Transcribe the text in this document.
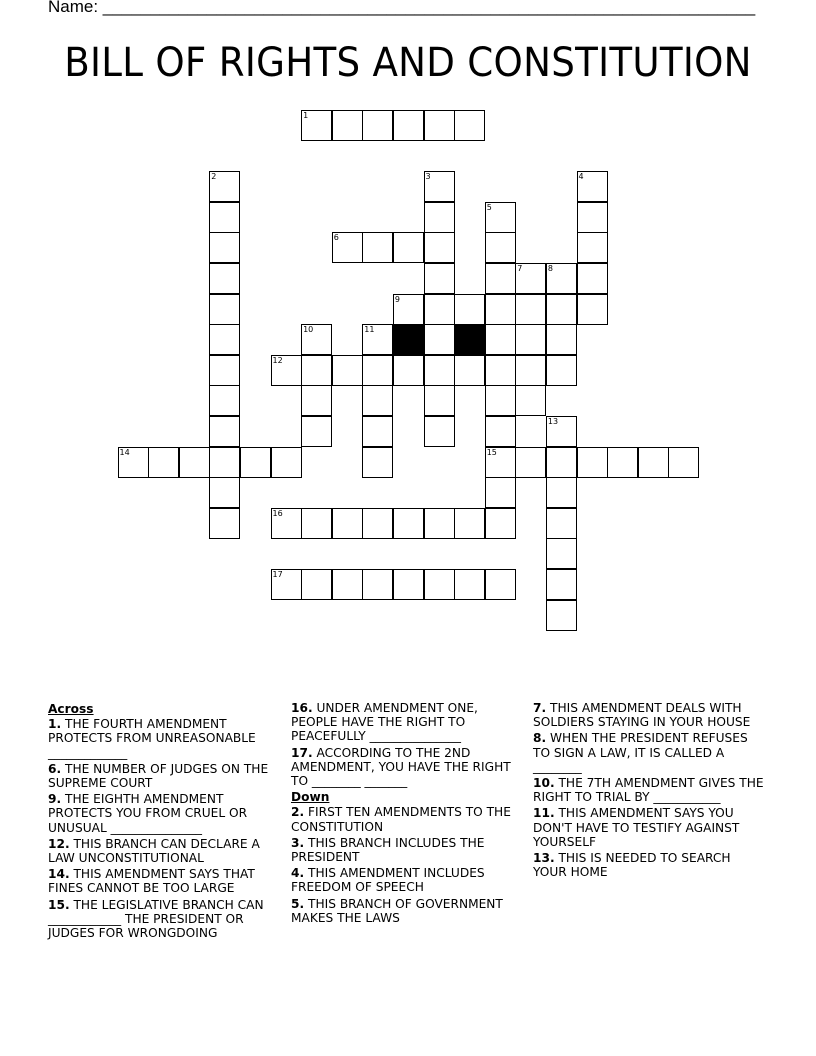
Name: _____________________________________________________________________
BILL OF RIGHTS AND CONSTITUTION
1
2	3	4
5
6
7	8
9
10	11
12
13
14	15
16
17
Across
1. THE FOURTH AMENDMENT PROTECTS FROM UNREASONABLE _____________
6. THE NUMBER OF JUDGES ON THE SUPREME COURT
9. THE EIGHTH AMENDMENT PROTECTS YOU FROM CRUEL OR UNUSUAL _______________
12. THIS BRANCH CAN DECLARE A LAW UNCONSTITUTIONAL
14. THIS AMENDMENT SAYS THAT FINES CANNOT BE TOO LARGE
15. THE LEGISLATIVE BRANCH CAN ____________ THE PRESIDENT OR JUDGES FOR WRONGDOING
16. UNDER AMENDMENT ONE, PEOPLE HAVE THE RIGHT TO PEACEFULLY _______________
17. ACCORDING TO THE 2ND AMENDMENT, YOU HAVE THE RIGHT TO ________ _______
Down
2. FIRST TEN AMENDMENTS TO THE CONSTITUTION
3. THIS BRANCH INCLUDES THE PRESIDENT
4. THIS AMENDMENT INCLUDES FREEDOM OF SPEECH
5. THIS BRANCH OF GOVERNMENT MAKES THE LAWS
7. THIS AMENDMENT DEALS WITH SOLDIERS STAYING IN YOUR HOUSE
8. WHEN THE PRESIDENT REFUSES TO SIGN A LAW, IT IS CALLED A ________
10. THE 7TH AMENDMENT GIVES THE RIGHT TO TRIAL BY ___________
11. THIS AMENDMENT SAYS YOU DON'T HAVE TO TESTIFY AGAINST YOURSELF
13. THIS IS NEEDED TO SEARCH YOUR HOME
